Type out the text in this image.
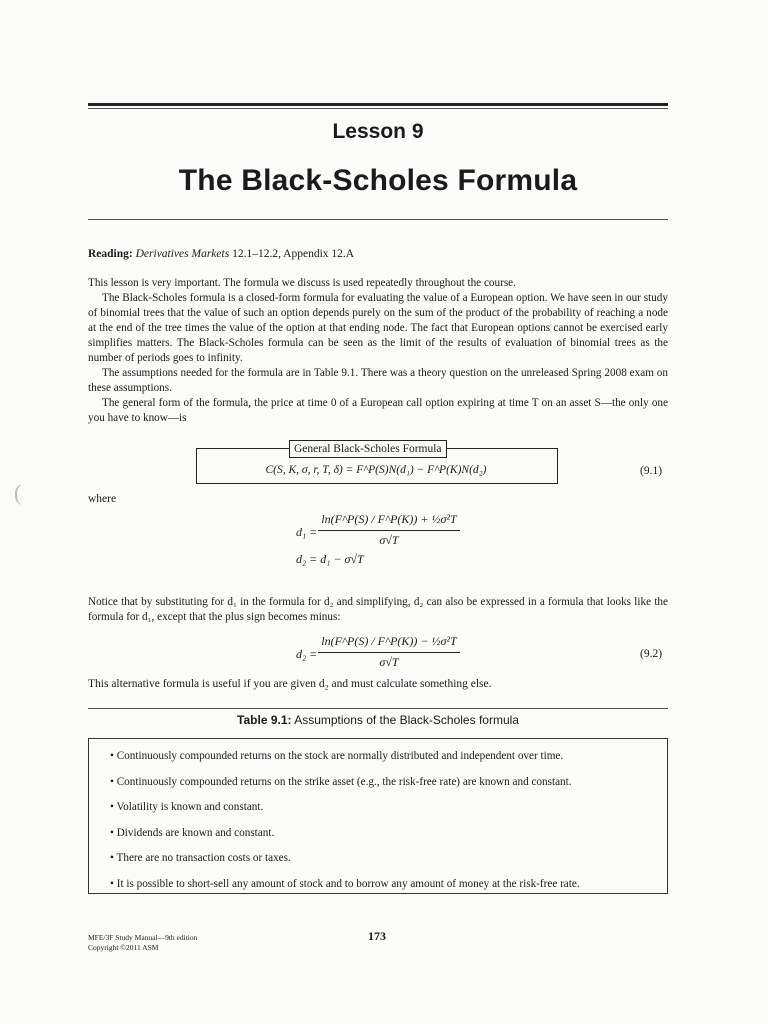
(
Lesson 9
The Black-Scholes Formula
Reading: Derivatives Markets 12.1–12.2, Appendix 12.A

This lesson is very important. The formula we discuss is used repeatedly throughout the course.

The Black-Scholes formula is a closed-form formula for evaluating the value of a European option. We have seen in our study of binomial trees that the value of such an option depends purely on the sum of the product of the probability of reaching a node at the end of the tree times the value of the option at that ending node. The fact that European options cannot be exercised early simplifies matters. The Black-Scholes formula can be seen as the limit of the results of evaluation of binomial trees as the number of periods goes to infinity.

The assumptions needed for the formula are in Table 9.1. There was a theory question on the unreleased Spring 2008 exam on these assumptions.

The general form of the formula, the price at time 0 of a European call option expiring at time T on an asset S—the only one you have to know—is

General Black-Scholes Formula
C(S, K, σ, r, T, δ) = F^P(S)N(d₁) − F^P(K)N(d₂)	(9.1)
where
d₁ =
ln(F^P(S) / F^P(K)) + ½σ²T
σ√T
d₂ = d₁ − σ√T
Notice that by substituting for d₁ in the formula for d₂ and simplifying, d₂ can also be expressed in a formula that looks like the formula for d₁, except that the plus sign becomes minus:
d₂ =
ln(F^P(S) / F^P(K)) − ½σ²T
σ√T
(9.2)
This alternative formula is useful if you are given d₂ and must calculate something else.
Table 9.1: Assumptions of the Black-Scholes formula
• Continuously compounded returns on the stock are normally distributed and independent over time.
• Continuously compounded returns on the strike asset (e.g., the risk-free rate) are known and constant.
• Volatility is known and constant.
• Dividends are known and constant.
• There are no transaction costs or taxes.
• It is possible to short-sell any amount of stock and to borrow any amount of money at the risk-free rate.
MFE/3F Study Manual—9th edition
Copyright ©2011 ASM
173
